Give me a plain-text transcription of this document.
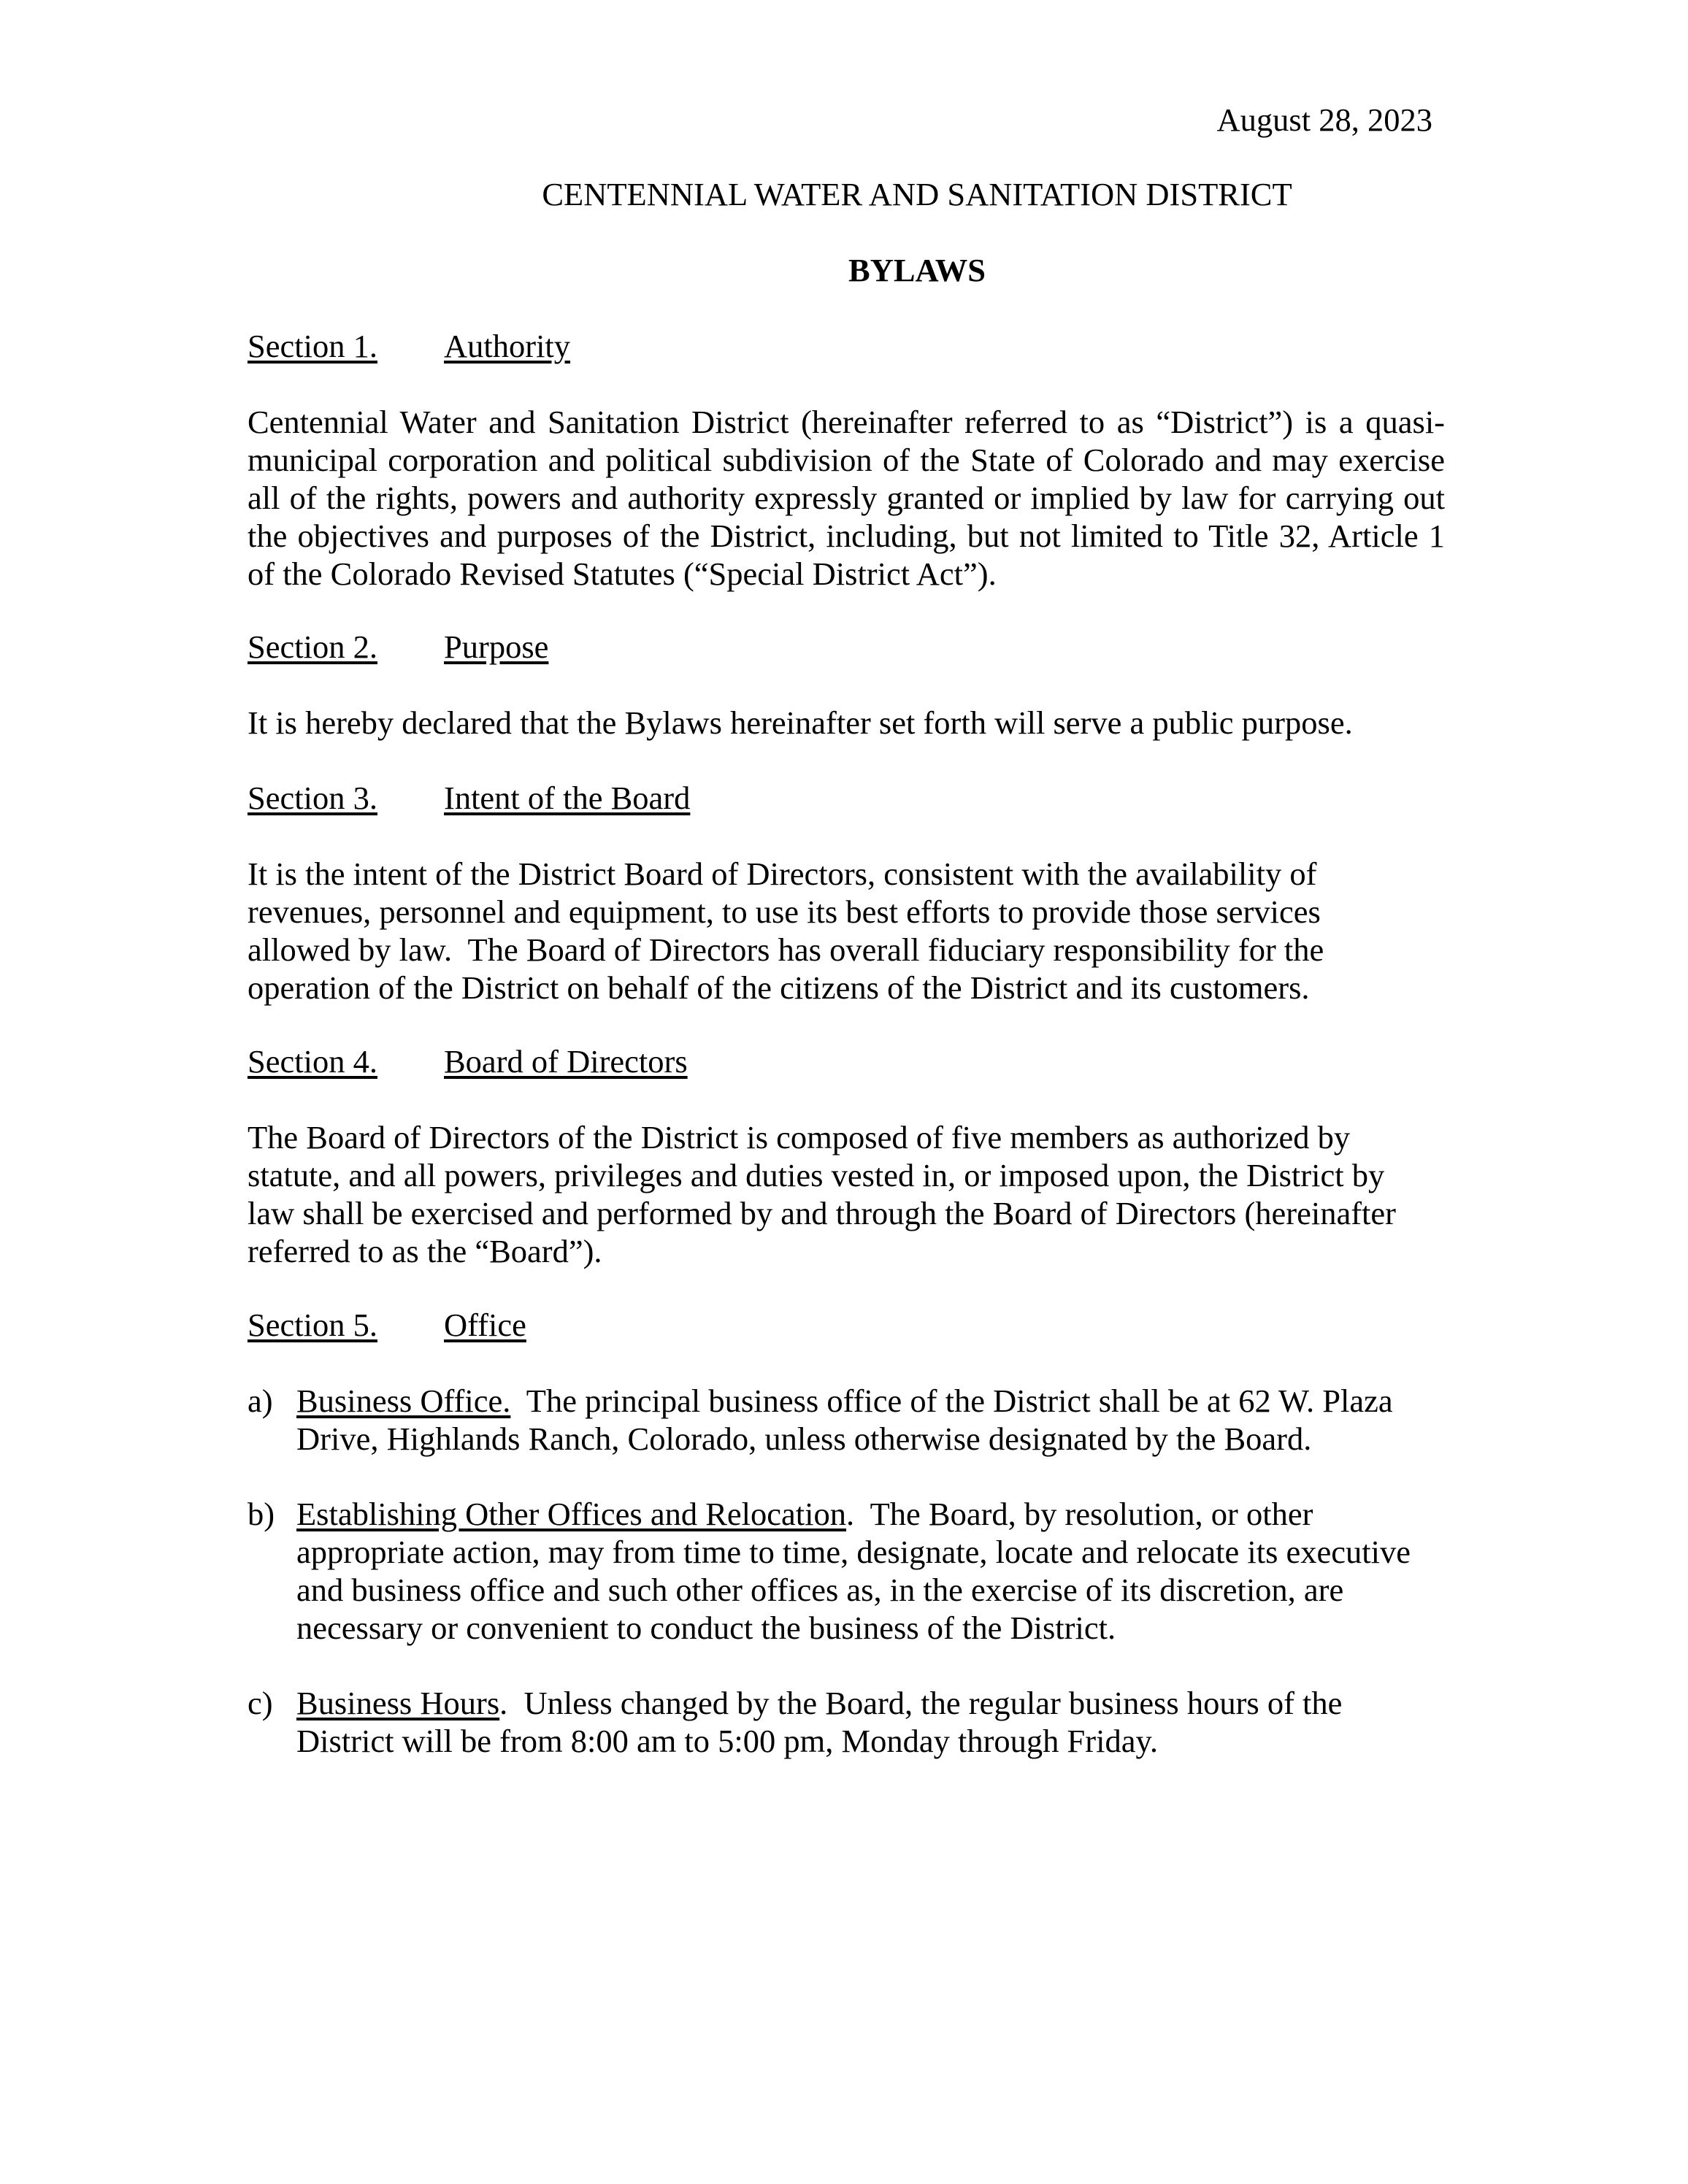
August 28, 2023
CENTENNIAL WATER AND SANITATION DISTRICT
BYLAWS
Section 1. Authority
Centennial Water and Sanitation District (hereinafter referred to as “District”) is a quasi-
municipal corporation and political subdivision of the State of Colorado and may exercise
all of the rights, powers and authority expressly granted or implied by law for carrying out
the objectives and purposes of the District, including, but not limited to Title 32, Article 1
of the Colorado Revised Statutes (“Special District Act”).
Section 2. Purpose
It is hereby declared that the Bylaws hereinafter set forth will serve a public purpose.
Section 3. Intent of the Board
It is the intent of the District Board of Directors, consistent with the availability of
revenues, personnel and equipment, to use its best efforts to provide those services
allowed by law.  The Board of Directors has overall fiduciary responsibility for the
operation of the District on behalf of the citizens of the District and its customers.
Section 4. Board of Directors
The Board of Directors of the District is composed of five members as authorized by
statute, and all powers, privileges and duties vested in, or imposed upon, the District by
law shall be exercised and performed by and through the Board of Directors (hereinafter
referred to as the “Board”).
Section 5. Office
a) Business Office.  The principal business office of the District shall be at 62 W. Plaza
Drive, Highlands Ranch, Colorado, unless otherwise designated by the Board.
b) Establishing Other Offices and Relocation.  The Board, by resolution, or other
appropriate action, may from time to time, designate, locate and relocate its executive
and business office and such other offices as, in the exercise of its discretion, are
necessary or convenient to conduct the business of the District.
c) Business Hours.  Unless changed by the Board, the regular business hours of the
District will be from 8:00 am to 5:00 pm, Monday through Friday.
